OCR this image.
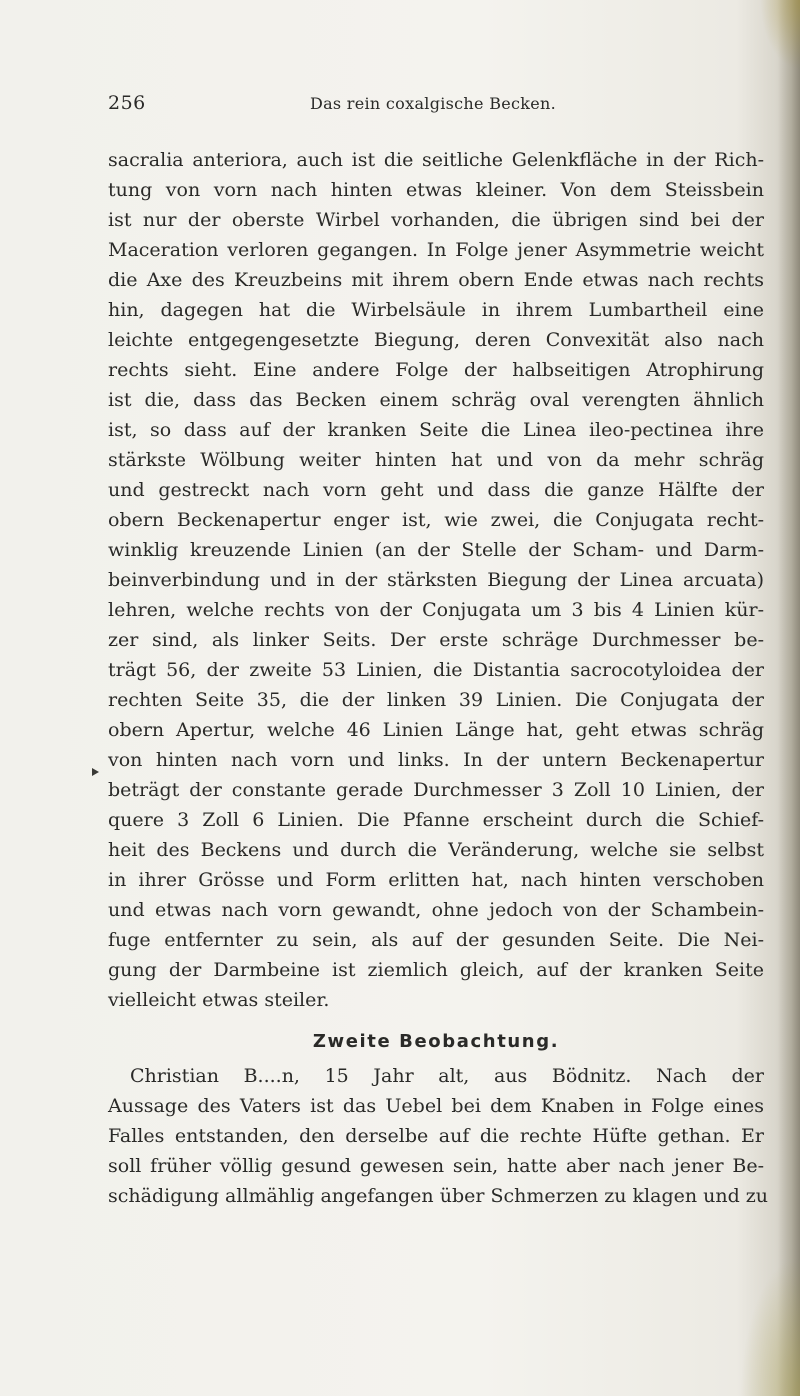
Das rein coxalgische Becken.
256
sacralia anteriora, auch ist die seitliche Gelenkfläche in der Rich-
tung von vorn nach hinten etwas kleiner. Von dem Steissbein
ist nur der oberste Wirbel vorhanden, die übrigen sind bei der
Maceration verloren gegangen. In Folge jener Asymmetrie weicht
die Axe des Kreuzbeins mit ihrem obern Ende etwas nach rechts
hin, dagegen hat die Wirbelsäule in ihrem Lumbartheil eine
leichte entgegengesetzte Biegung, deren Convexität also nach
rechts sieht. Eine andere Folge der halbseitigen Atrophirung
ist die, dass das Becken einem schräg oval verengten ähnlich
ist, so dass auf der kranken Seite die Linea ileo-pectinea ihre
stärkste Wölbung weiter hinten hat und von da mehr schräg
und gestreckt nach vorn geht und dass die ganze Hälfte der
obern Beckenapertur enger ist, wie zwei, die Conjugata recht-
winklig kreuzende Linien (an der Stelle der Scham- und Darm-
beinverbindung und in der stärksten Biegung der Linea arcuata)
lehren, welche rechts von der Conjugata um 3 bis 4 Linien kür-
zer sind, als linker Seits. Der erste schräge Durchmesser be-
trägt 56, der zweite 53 Linien, die Distantia sacrocotyloidea der
rechten Seite 35, die der linken 39 Linien. Die Conjugata der
obern Apertur, welche 46 Linien Länge hat, geht etwas schräg
von hinten nach vorn und links. In der untern Beckenapertur
beträgt der constante gerade Durchmesser 3 Zoll 10 Linien, der
quere 3 Zoll 6 Linien. Die Pfanne erscheint durch die Schief-
heit des Beckens und durch die Veränderung, welche sie selbst
in ihrer Grösse und Form erlitten hat, nach hinten verschoben
und etwas nach vorn gewandt, ohne jedoch von der Schambein-
fuge entfernter zu sein, als auf der gesunden Seite. Die Nei-
gung der Darmbeine ist ziemlich gleich, auf der kranken Seite
vielleicht etwas steiler.
Zweite Beobachtung.
Christian B....n, 15 Jahr alt, aus Bödnitz. Nach der
Aussage des Vaters ist das Uebel bei dem Knaben in Folge eines
Falles entstanden, den derselbe auf die rechte Hüfte gethan. Er
soll früher völlig gesund gewesen sein, hatte aber nach jener Be-
schädigung allmählig angefangen über Schmerzen zu klagen und zu
